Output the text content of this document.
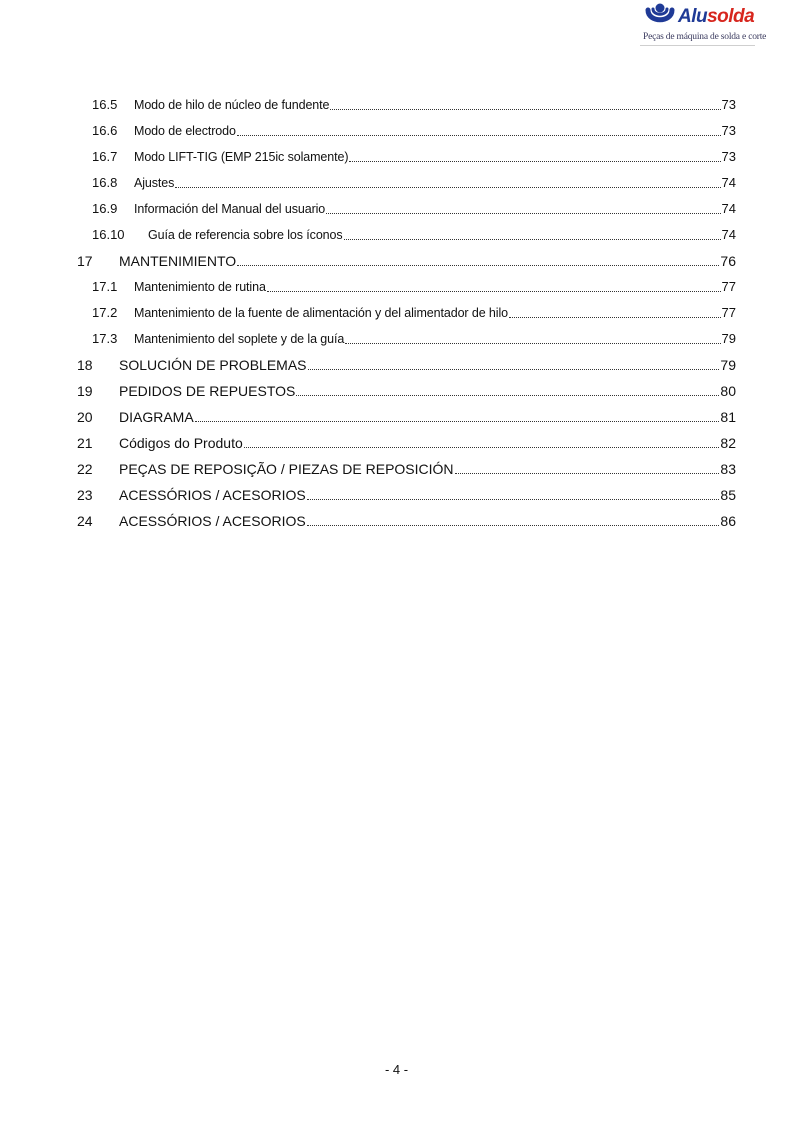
Alusolda
Peças de máquina de solda e corte
16.5	Modo de hilo de núcleo de fundente	73
16.6	Modo de electrodo	73
16.7	Modo LIFT-TIG (EMP 215ic solamente)	73
16.8	Ajustes	74
16.9	Información del Manual del usuario	74
16.10	Guía de referencia sobre los íconos	74
17	MANTENIMIENTO	76
17.1	Mantenimiento de rutina	77
17.2	Mantenimiento de la fuente de alimentación y del alimentador de hilo	77
17.3	Mantenimiento del soplete y de la guía	79
18	SOLUCIÓN DE PROBLEMAS	79
19	PEDIDOS DE REPUESTOS	80
20	DIAGRAMA	81
21	Códigos do Produto	82
22	PEÇAS DE REPOSIÇÃO / PIEZAS DE REPOSICIÓN	83
23	ACESSÓRIOS / ACESORIOS	85
24	ACESSÓRIOS / ACESORIOS	86
- 4 -
